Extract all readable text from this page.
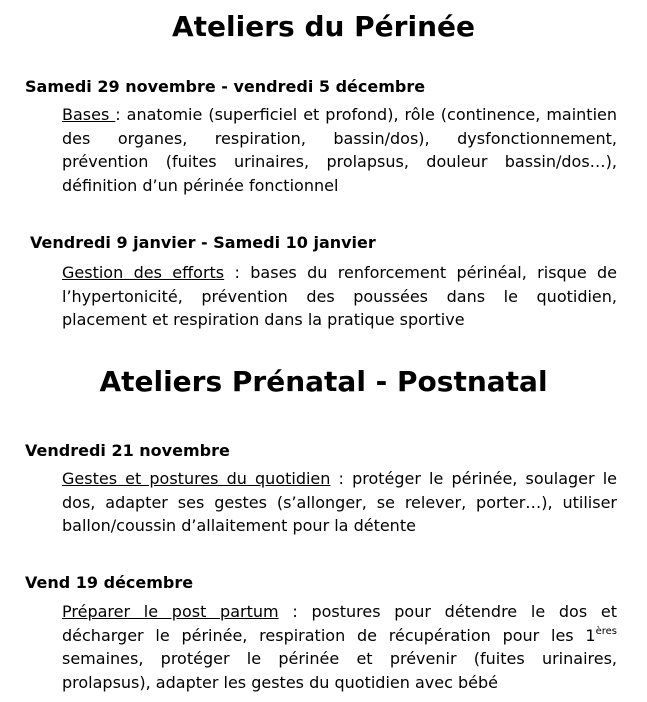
Ateliers du Périnée

Samedi 29 novembre - vendredi 5 décembre

Bases : anatomie (superficiel et profond), rôle (continence, maintien des organes, respiration, bassin/dos), dysfonctionnement, prévention (fuites urinaires, prolapsus, douleur bassin/dos…), définition d’un périnée fonctionnel

Vendredi 9 janvier - Samedi 10 janvier

Gestion des efforts : bases du renforcement périnéal, risque de l’hypertonicité, prévention des poussées dans le quotidien, placement et respiration dans la pratique sportive

Ateliers Prénatal - Postnatal

Vendredi 21 novembre

Gestes et postures du quotidien : protéger le périnée, soulager le dos, adapter ses gestes (s’allonger, se relever, porter…), utiliser ballon/coussin d’allaitement pour la détente

Vend 19 décembre

Préparer le post partum : postures pour détendre le dos et décharger le périnée, respiration de récupération pour les 1ères semaines, protéger le périnée et prévenir (fuites urinaires, prolapsus), adapter les gestes du quotidien avec bébé
